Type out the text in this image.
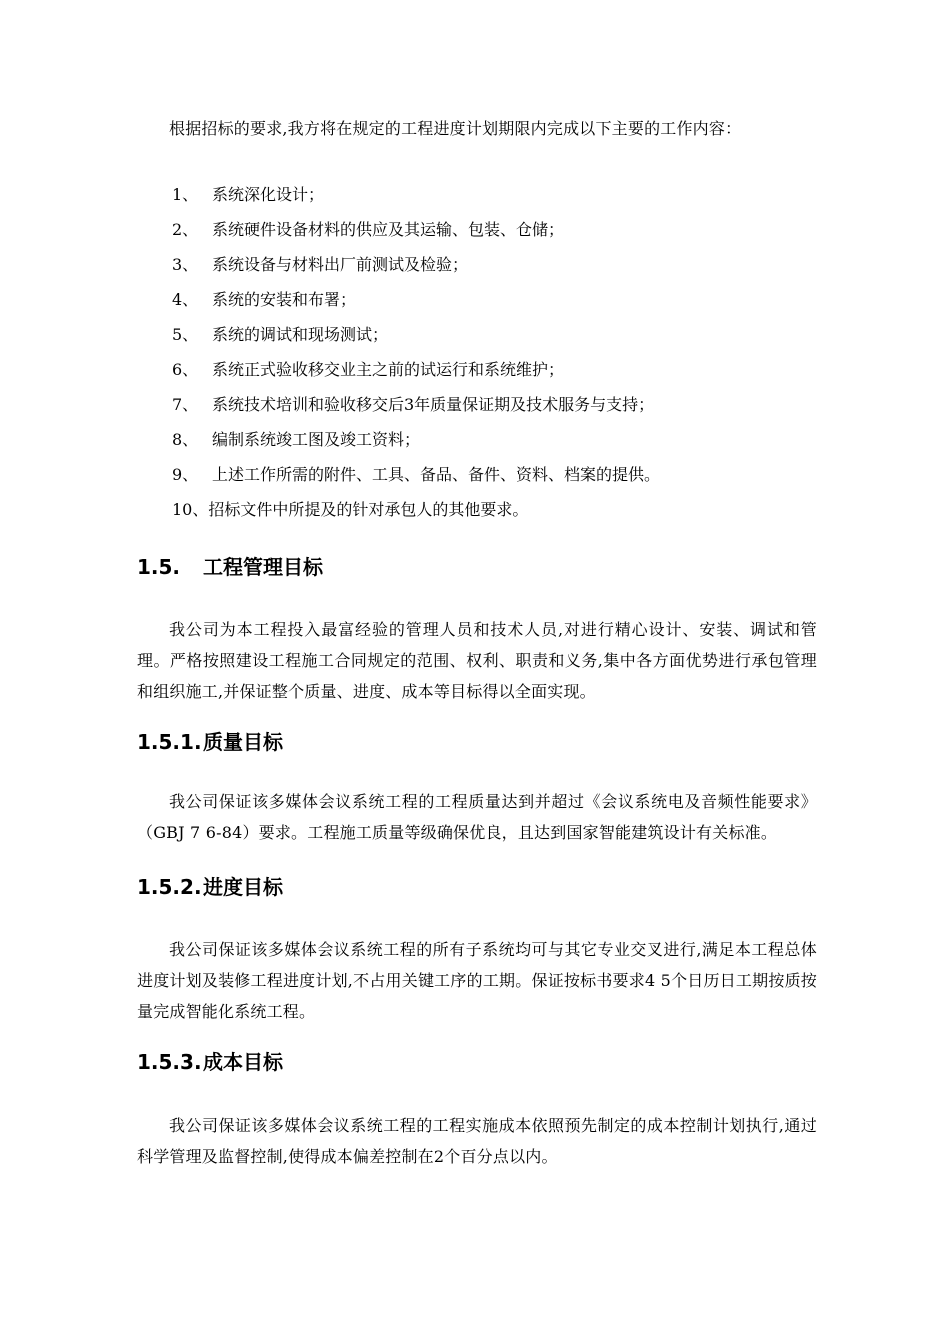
根据招标的要求,我方将在规定的工程进度计划期限内完成以下主要的工作内容：

1、 系统深化设计；
2、 系统硬件设备材料的供应及其运输、包装、仓储；
3、 系统设备与材料出厂前测试及检验；
4、 系统的安装和布署；
5、 系统的调试和现场测试；
6、 系统正式验收移交业主之前的试运行和系统维护；
7、 系统技术培训和验收移交后3年质量保证期及技术服务与支持；
8、 编制系统竣工图及竣工资料；
9、 上述工作所需的附件、工具、备品、备件、资料、档案的提供。
10、招标文件中所提及的针对承包人的其他要求。
1.5. 工程管理目标

我公司为本工程投入最富经验的管理人员和技术人员,对进行精心设计、安装、调试和管理。严格按照建设工程施工合同规定的范围、权利、职责和义务,集中各方面优势进行承包管理和组织施工,并保证整个质量、进度、成本等目标得以全面实现。

1.5.1.质量目标

我公司保证该多媒体会议系统工程的工程质量达到并超过《会议系统电及音频性能要求》（GBJ 7 6-84）要求。工程施工质量等级确保优良，且达到国家智能建筑设计有关标准。

1.5.2.进度目标

我公司保证该多媒体会议系统工程的所有子系统均可与其它专业交叉进行,满足本工程总体进度计划及装修工程进度计划,不占用关键工序的工期。保证按标书要求4 5个日历日工期按质按量完成智能化系统工程。

1.5.3.成本目标

我公司保证该多媒体会议系统工程的工程实施成本依照预先制定的成本控制计划执行,通过科学管理及监督控制,使得成本偏差控制在2个百分点以内。
